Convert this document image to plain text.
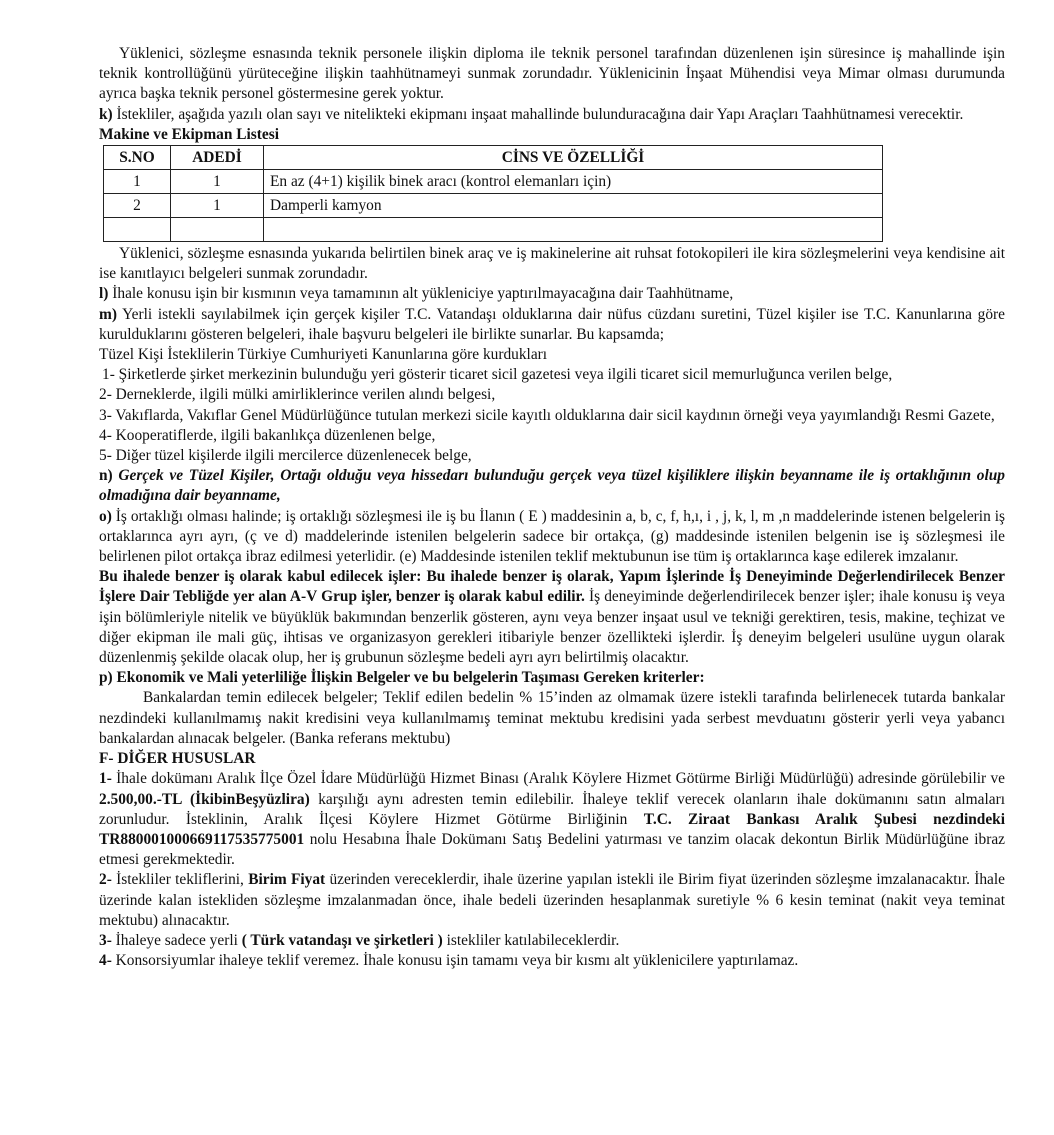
Yüklenici, sözleşme esnasında teknik personele ilişkin diploma ile teknik personel tarafından düzenlenen işin süresince iş mahallinde işin teknik kontrollüğünü yürüteceğine ilişkin taahhütnameyi sunmak zorundadır. Yüklenicinin İnşaat Mühendisi veya Mimar olması durumunda ayrıca başka teknik personel göstermesine gerek yoktur.

k) İstekliler, aşağıda yazılı olan sayı ve nitelikteki ekipmanı inşaat mahallinde bulunduracağına dair Yapı Araçları Taahhütnamesi verecektir.

Makine ve Ekipman Listesi

S.NO	ADEDİ	CİNS VE ÖZELLİĞİ
1	1	En az (4+1) kişilik binek aracı (kontrol elemanları için)
2	1	Damperli kamyon

Yüklenici, sözleşme esnasında yukarıda belirtilen binek araç ve iş makinelerine ait ruhsat fotokopileri ile kira sözleşmelerini veya kendisine ait ise kanıtlayıcı belgeleri sunmak zorundadır.

l) İhale konusu işin bir kısmının veya tamamının alt yükleniciye yaptırılmayacağına dair Taahhütname,

m) Yerli istekli sayılabilmek için gerçek kişiler T.C. Vatandaşı olduklarına dair nüfus cüzdanı suretini, Tüzel kişiler ise T.C. Kanunlarına göre kurulduklarını gösteren belgeleri, ihale başvuru belgeleri ile birlikte sunarlar. Bu kapsamda;

Tüzel Kişi İsteklilerin Türkiye Cumhuriyeti Kanunlarına göre kurdukları

1- Şirketlerde şirket merkezinin bulunduğu yeri gösterir ticaret sicil gazetesi veya ilgili ticaret sicil memurluğunca verilen belge,

2- Derneklerde, ilgili mülki amirliklerince verilen alındı belgesi,

3- Vakıflarda, Vakıflar Genel Müdürlüğünce tutulan merkezi sicile kayıtlı olduklarına dair sicil kaydının örneği veya yayımlandığı Resmi Gazete,

4- Kooperatiflerde, ilgili bakanlıkça düzenlenen belge,

5- Diğer tüzel kişilerde ilgili mercilerce düzenlenecek belge,

n) Gerçek ve Tüzel Kişiler, Ortağı olduğu veya hissedarı bulunduğu gerçek veya tüzel kişiliklere ilişkin beyanname ile iş ortaklığının olup olmadığına dair beyanname,

o) İş ortaklığı olması halinde; iş ortaklığı sözleşmesi ile iş bu İlanın ( E ) maddesinin a, b, c, f, h,ı, i , j, k, l, m ,n maddelerinde istenen belgelerin iş ortaklarınca ayrı ayrı, (ç ve d) maddelerinde istenilen belgelerin sadece bir ortakça, (g) maddesinde istenilen belgenin ise iş sözleşmesi ile belirlenen pilot ortakça ibraz edilmesi yeterlidir. (e) Maddesinde istenilen teklif mektubunun ise tüm iş ortaklarınca kaşe edilerek imzalanır.

Bu ihalede benzer iş olarak kabul edilecek işler: Bu ihalede benzer iş olarak, Yapım İşlerinde İş Deneyiminde Değerlendirilecek Benzer İşlere Dair Tebliğde yer alan A-V Grup işler, benzer iş olarak kabul edilir. İş deneyiminde değerlendirilecek benzer işler; ihale konusu iş veya işin bölümleriyle nitelik ve büyüklük bakımından benzerlik gösteren, aynı veya benzer inşaat usul ve tekniği gerektiren, tesis, makine, teçhizat ve diğer ekipman ile mali güç, ihtisas ve organizasyon gerekleri itibariyle benzer özellikteki işlerdir. İş deneyim belgeleri usulüne uygun olarak düzenlenmiş şekilde olacak olup, her iş grubunun sözleşme bedeli ayrı ayrı belirtilmiş olacaktır.

p) Ekonomik ve Mali yeterliliğe İlişkin Belgeler ve bu belgelerin Taşıması Gereken kriterler:

Bankalardan temin edilecek belgeler; Teklif edilen bedelin % 15’inden az olmamak üzere istekli tarafında belirlenecek tutarda bankalar nezdindeki kullanılmamış nakit kredisini veya kullanılmamış teminat mektubu kredisini yada serbest mevduatını gösterir yerli veya yabancı bankalardan alınacak belgeler. (Banka referans mektubu)

F- DİĞER HUSUSLAR

1- İhale dokümanı Aralık İlçe Özel İdare Müdürlüğü Hizmet Binası (Aralık Köylere Hizmet Götürme Birliği Müdürlüğü) adresinde görülebilir ve 2.500,00.-TL (İkibinBeşyüzlira) karşılığı aynı adresten temin edilebilir. İhaleye teklif verecek olanların ihale dokümanını satın almaları zorunludur. İsteklinin, Aralık İlçesi Köylere Hizmet Götürme Birliğinin T.C. Ziraat Bankası Aralık Şubesi nezdindeki TR880001000669117535775001 nolu Hesabına İhale Dokümanı Satış Bedelini yatırması ve tanzim olacak dekontun Birlik Müdürlüğüne ibraz etmesi gerekmektedir.

2- İstekliler tekliflerini, Birim Fiyat üzerinden vereceklerdir, ihale üzerine yapılan istekli ile Birim fiyat üzerinden sözleşme imzalanacaktır. İhale üzerinde kalan istekliden sözleşme imzalanmadan önce, ihale bedeli üzerinden hesaplanmak suretiyle % 6 kesin teminat (nakit veya teminat mektubu) alınacaktır.

3- İhaleye sadece yerli ( Türk vatandaşı ve şirketleri ) istekliler katılabileceklerdir.

4- Konsorsiyumlar ihaleye teklif veremez. İhale konusu işin tamamı veya bir kısmı alt yüklenicilere yaptırılamaz.
